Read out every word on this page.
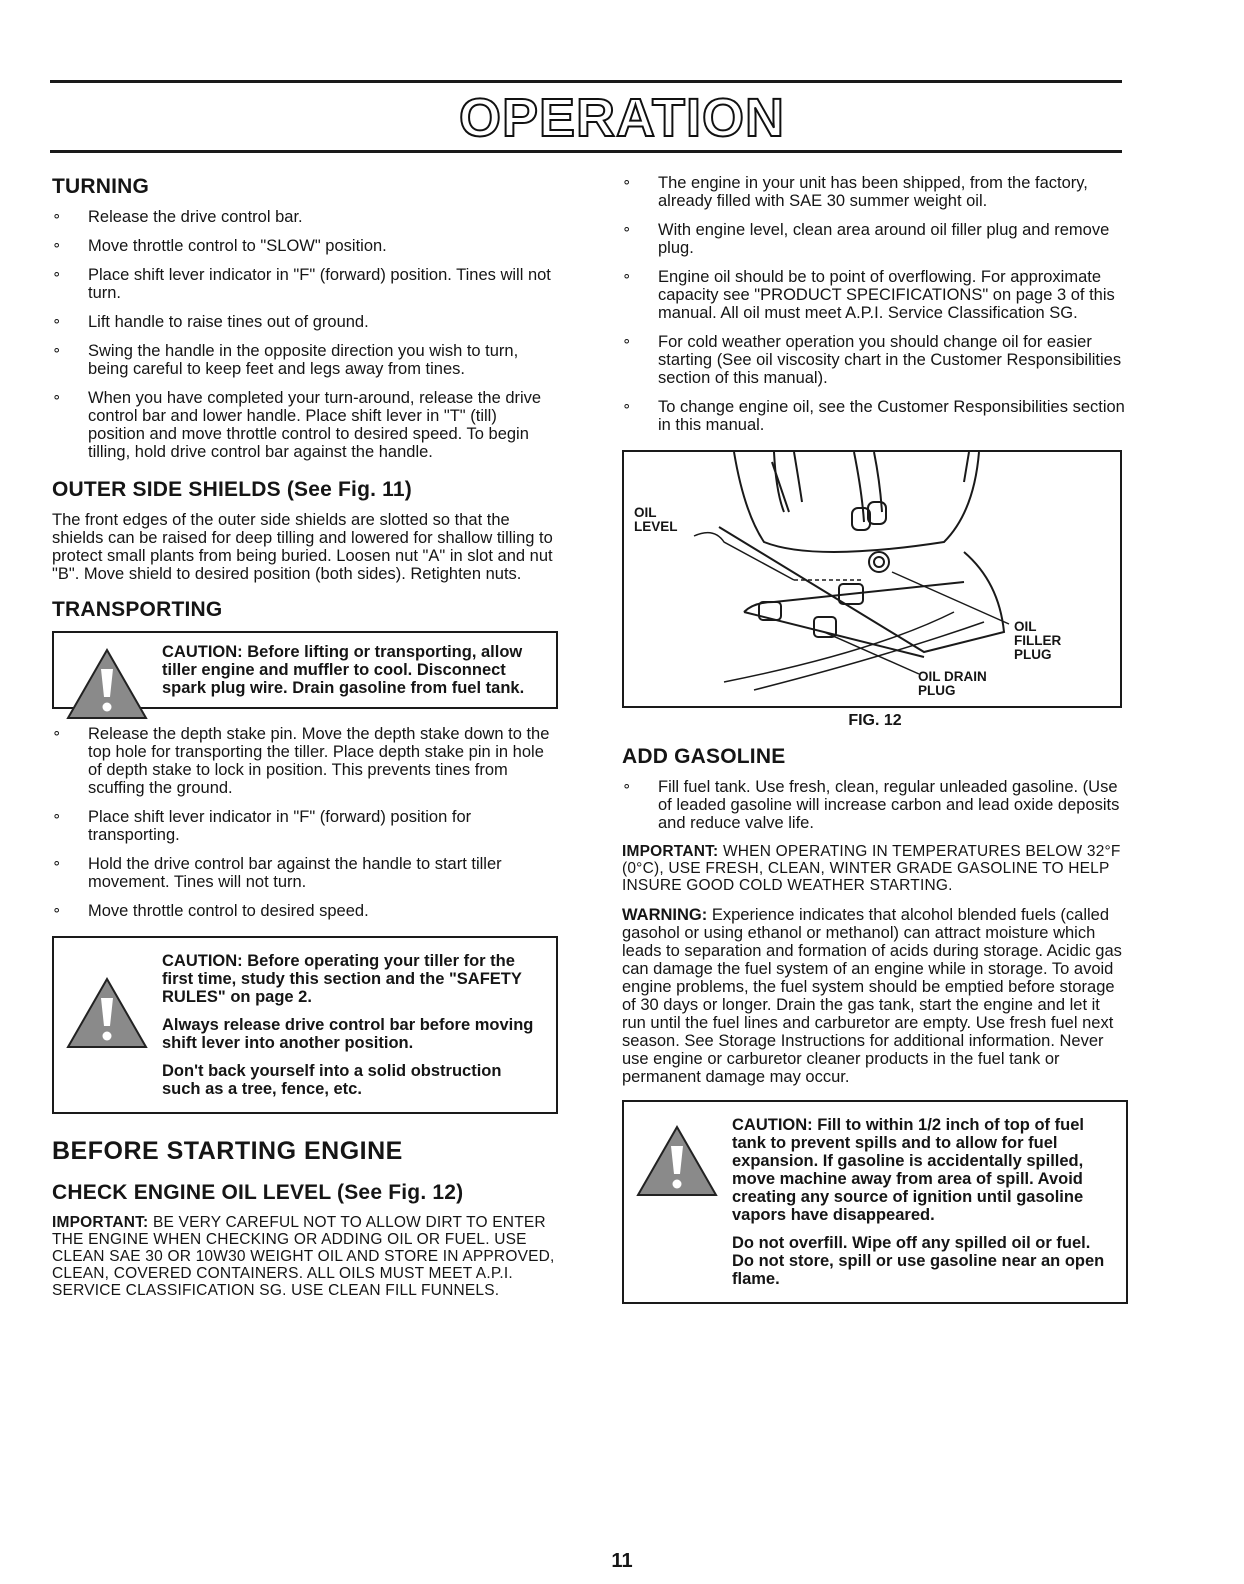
OPERATION
TURNING
∘ Release the drive control bar.
∘ Move throttle control to "SLOW" position.
∘ Place shift lever indicator in "F" (forward) position. Tines will not turn.
∘ Lift handle to raise tines out of ground.
∘ Swing the handle in the opposite direction you wish to turn, being careful to keep feet and legs away from tines.
∘ When you have completed your turn-around, release the drive control bar and lower handle. Place shift lever in "T" (till) position and move throttle control to desired speed. To begin tilling, hold drive control bar against the handle.
OUTER SIDE SHIELDS (See Fig. 11)

The front edges of the outer side shields are slotted so that the shields can be raised for deep tilling and lowered for shallow tilling to protect small plants from being buried. Loosen nut "A" in slot and nut "B". Move shield to desired position (both sides). Retighten nuts.

TRANSPORTING

CAUTION: Before lifting or transporting, allow tiller engine and muffler to cool. Disconnect spark plug wire. Drain gasoline from fuel tank.

∘ Release the depth stake pin. Move the depth stake down to the top hole for transporting the tiller. Place depth stake pin in hole of depth stake to lock in position. This prevents tines from scuffing the ground.
∘ Place shift lever indicator in "F" (forward) position for transporting.
∘ Hold the drive control bar against the handle to start tiller movement. Tines will not turn.
∘ Move throttle control to desired speed.

CAUTION: Before operating your tiller for the first time, study this section and the "SAFETY RULES" on page 2.

Always release drive control bar before moving shift lever into another position.

Don't back yourself into a solid obstruction such as a tree, fence, etc.

BEFORE STARTING ENGINE
CHECK ENGINE OIL LEVEL (See Fig. 12)

IMPORTANT: BE VERY CAREFUL NOT TO ALLOW DIRT TO ENTER THE ENGINE WHEN CHECKING OR ADDING OIL OR FUEL. USE CLEAN SAE 30 OR 10W30 WEIGHT OIL AND STORE IN APPROVED, CLEAN, COVERED CONTAINERS. ALL OILS MUST MEET A.P.I. SERVICE CLASSIFICATION SG. USE CLEAN FILL FUNNELS.

∘ The engine in your unit has been shipped, from the factory, already filled with SAE 30 summer weight oil.
∘ With engine level, clean area around oil filler plug and remove plug.
∘ Engine oil should be to point of overflowing. For approximate capacity see "PRODUCT SPECIFICATIONS" on page 3 of this manual. All oil must meet A.P.I. Service Classification SG.
∘ For cold weather operation you should change oil for easier starting (See oil viscosity chart in the Customer Responsibilities section of this manual).
∘ To change engine oil, see the Customer Responsibilities section in this manual.
OIL
LEVEL
OIL
FILLER
PLUG
OIL DRAIN
PLUG
FIG. 12
ADD GASOLINE
∘ Fill fuel tank. Use fresh, clean, regular unleaded gasoline. (Use of leaded gasoline will increase carbon and lead oxide deposits and reduce valve life.

IMPORTANT: WHEN OPERATING IN TEMPERATURES BELOW 32°F (0°C), USE FRESH, CLEAN, WINTER GRADE GASOLINE TO HELP INSURE GOOD COLD WEATHER STARTING.

WARNING: Experience indicates that alcohol blended fuels (called gasohol or using ethanol or methanol) can attract moisture which leads to separation and formation of acids during storage. Acidic gas can damage the fuel system of an engine while in storage. To avoid engine problems, the fuel system should be emptied before storage of 30 days or longer. Drain the gas tank, start the engine and let it run until the fuel lines and carburetor are empty. Use fresh fuel next season. See Storage Instructions for additional information. Never use engine or carburetor cleaner products in the fuel tank or permanent damage may occur.

CAUTION: Fill to within 1/2 inch of top of fuel tank to prevent spills and to allow for fuel expansion. If gasoline is accidentally spilled, move machine away from area of spill. Avoid creating any source of ignition until gasoline vapors have disappeared.

Do not overfill. Wipe off any spilled oil or fuel. Do not store, spill or use gasoline near an open flame.

11
